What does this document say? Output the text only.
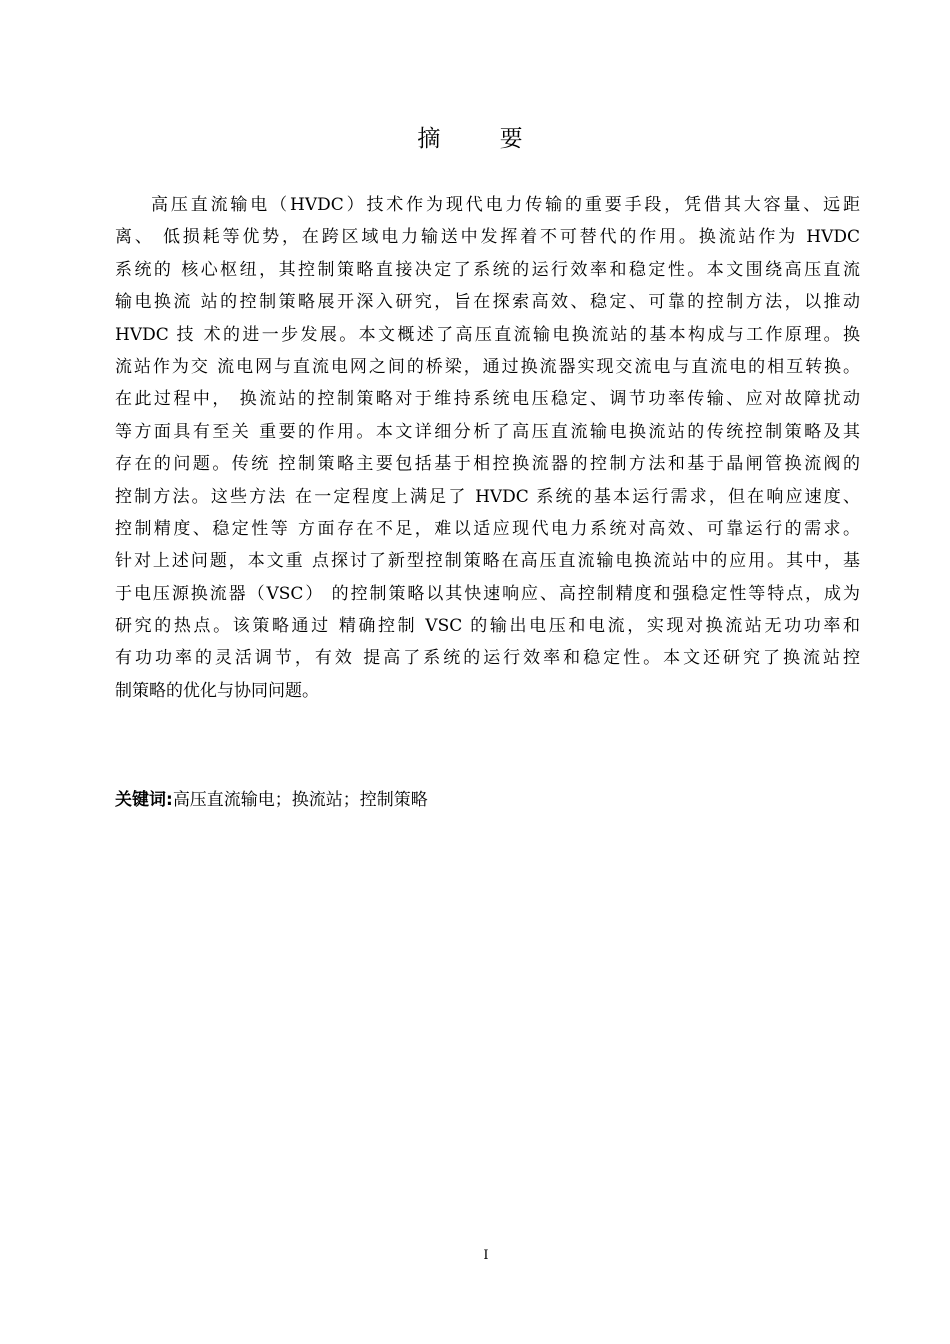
摘 要
高压直流输电（HVDC）技术作为现代电力传输的重要手段，凭借其大容量、远距
离、 低损耗等优势，在跨区域电力输送中发挥着不可替代的作用。换流站作为 HVDC
系统的 核心枢纽，其控制策略直接决定了系统的运行效率和稳定性。本文围绕高压直流
输电换流 站的控制策略展开深入研究，旨在探索高效、稳定、可靠的控制方法，以推动
HVDC 技 术的进一步发展。本文概述了高压直流输电换流站的基本构成与工作原理。换
流站作为交 流电网与直流电网之间的桥梁，通过换流器实现交流电与直流电的相互转换。
在此过程中， 换流站的控制策略对于维持系统电压稳定、调节功率传输、应对故障扰动
等方面具有至关 重要的作用。本文详细分析了高压直流输电换流站的传统控制策略及其
存在的问题。传统 控制策略主要包括基于相控换流器的控制方法和基于晶闸管换流阀的
控制方法。这些方法 在一定程度上满足了 HVDC 系统的基本运行需求，但在响应速度、
控制精度、稳定性等 方面存在不足，难以适应现代电力系统对高效、可靠运行的需求。
针对上述问题，本文重 点探讨了新型控制策略在高压直流输电换流站中的应用。其中，基
于电压源换流器（VSC） 的控制策略以其快速响应、高控制精度和强稳定性等特点，成为
研究的热点。该策略通过 精确控制 VSC 的输出电压和电流，实现对换流站无功功率和
有功功率的灵活调节，有效 提高了系统的运行效率和稳定性。本文还研究了换流站控
制策略的优化与协同问题。
关键词:高压直流输电；换流站；控制策略
I
